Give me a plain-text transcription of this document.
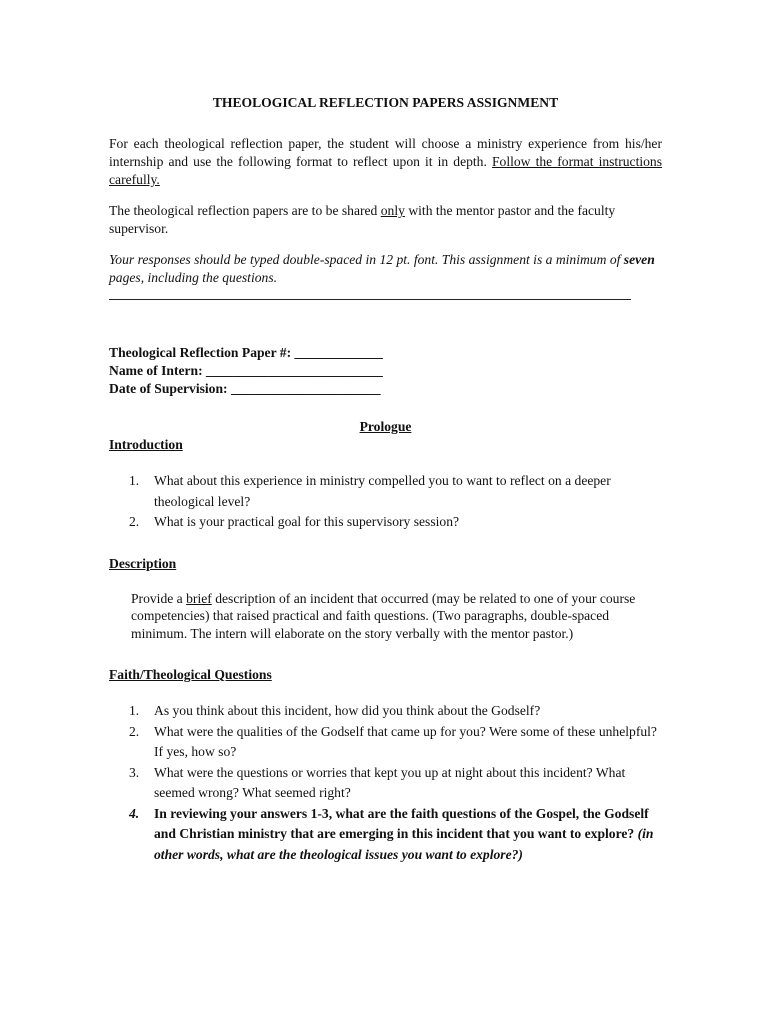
THEOLOGICAL REFLECTION PAPERS ASSIGNMENT

For each theological reflection paper, the student will choose a ministry experience from his/her internship and use the following format to reflect upon it in depth. Follow the format instructions carefully.

The theological reflection papers are to be shared only with the mentor pastor and the faculty supervisor.

Your responses should be typed double-spaced in 12 pt. font. This assignment is a minimum of seven pages, including the questions.

Theological Reflection Paper #: _____________

Name of Intern: __________________________

Date of Supervision: ______________________

Prologue

Introduction

1. What about this experience in ministry compelled you to want to reflect on a deeper theological level?
2. What is your practical goal for this supervisory session?

Description

Provide a brief description of an incident that occurred (may be related to one of your course competencies) that raised practical and faith questions. (Two paragraphs, double-spaced minimum. The intern will elaborate on the story verbally with the mentor pastor.)

Faith/Theological Questions

1. As you think about this incident, how did you think about the Godself?
2. What were the qualities of the Godself that came up for you? Were some of these unhelpful? If yes, how so?
3. What were the questions or worries that kept you up at night about this incident? What seemed wrong? What seemed right?
4. In reviewing your answers 1-3, what are the faith questions of the Gospel, the Godself and Christian ministry that are emerging in this incident that you want to explore? (in other words, what are the theological issues you want to explore?)
